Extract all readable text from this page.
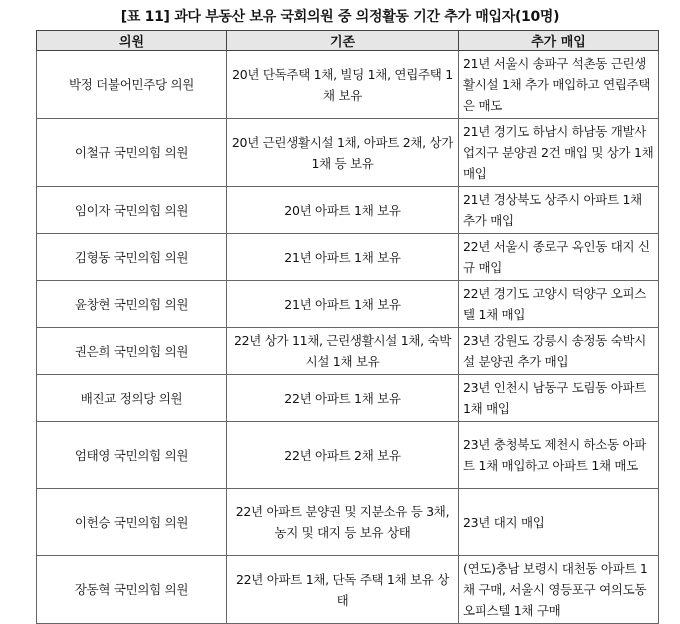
[표 11] 과다 부동산 보유 국회의원 중 의정활동 기간 추가 매입자(10명)
의원	기존	추가 매입
박정 더불어민주당 의원	20년 단독주택 1채, 빌딩 1채, 연립주택 1채 보유	21년 서울시 송파구 석촌동 근린생활시설 1채 추가 매입하고 연립주택은 매도
이철규 국민의힘 의원	20년 근린생활시설 1채, 아파트 2채, 상가 1채 등 보유	21년 경기도 하남시 하남동 개발사업지구 분양권 2건 매입 및 상가 1채 매입
임이자 국민의힘 의원	20년 아파트 1채 보유	21년 경상북도 상주시 아파트 1채 추가 매입
김형동 국민의힘 의원	21년 아파트 1채 보유	22년 서울시 종로구 옥인동 대지 신규 매입
윤창현 국민의힘 의원	21년 아파트 1채 보유	22년 경기도 고양시 덕양구 오피스텔 1채 매입
권은희 국민의힘 의원	22년 상가 11채, 근린생활시설 1채, 숙박시설 1채 보유	23년 강원도 강릉시 송정동 숙박시설 분양권 추가 매입
배진교 정의당 의원	22년 아파트 1채 보유	23년 인천시 남동구 도림동 아파트 1채 매입
엄태영 국민의힘 의원	22년 아파트 2채 보유	23년 충청북도 제천시 하소동 아파트 1채 매입하고 아파트 1채 매도
이헌승 국민의힘 의원	22년 아파트 분양권 및 지분소유 등 3채, 농지 및 대지 등 보유 상태	23년 대지 매입
장동혁 국민의힘 의원	22년 아파트 1채, 단독 주택 1채 보유 상태	(연도)충남 보령시 대천동 아파트 1채 구매, 서울시 영등포구 여의도동 오피스텔 1채 구매
